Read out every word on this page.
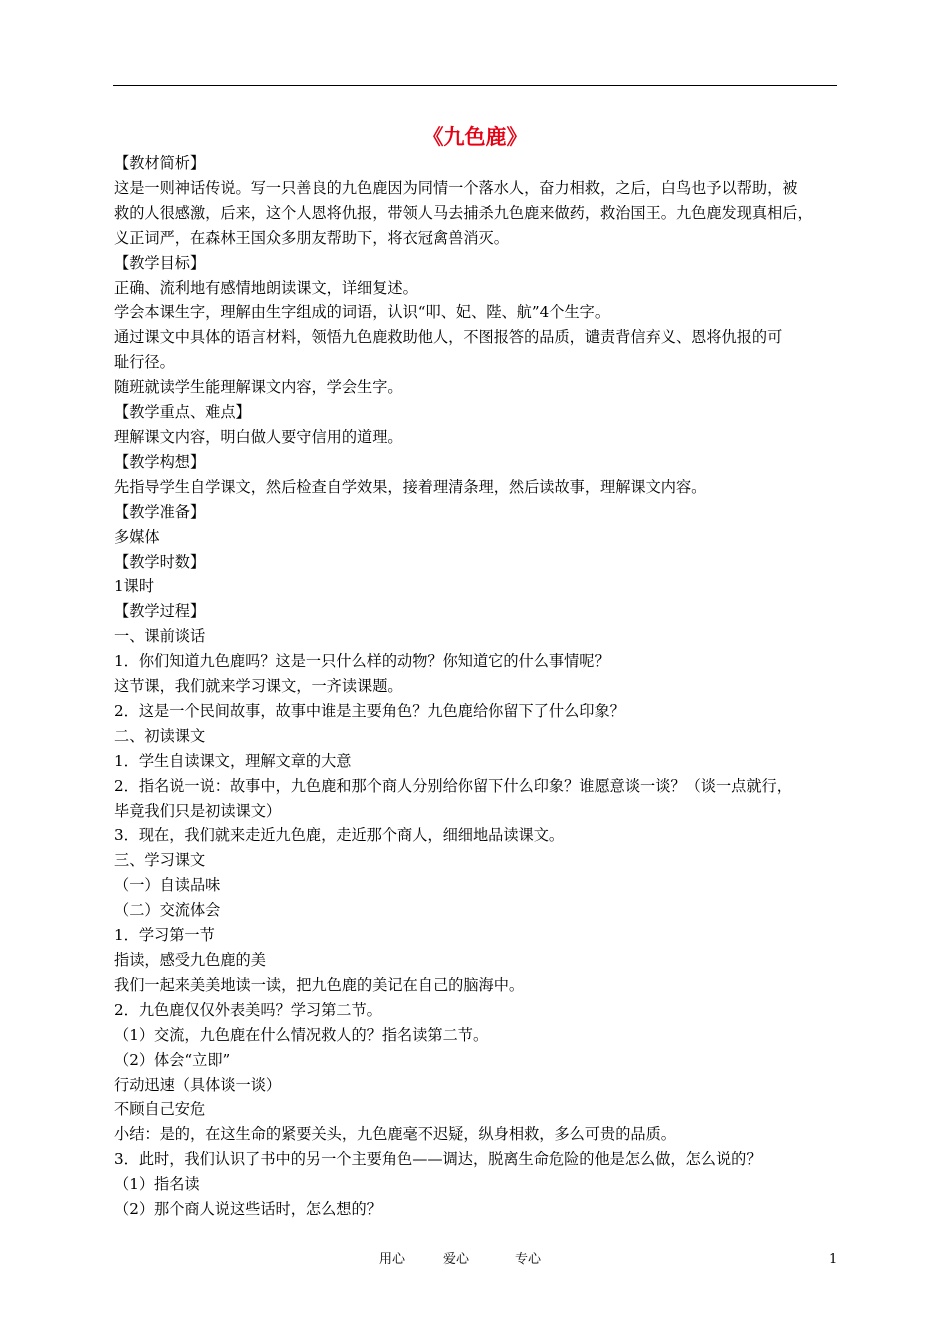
《九色鹿》

【教材简析】

这是一则神话传说。写一只善良的九色鹿因为同情一个落水人，奋力相救，之后，白鸟也予以帮助，被

救的人很感激，后来，这个人恩将仇报，带领人马去捕杀九色鹿来做药，救治国王。九色鹿发现真相后，

义正词严，在森林王国众多朋友帮助下，将衣冠禽兽消灭。

【教学目标】

正确、流利地有感情地朗读课文，详细复述。

学会本课生字，理解由生字组成的词语，认识“叩、妃、陛、航”4个生字。

通过课文中具体的语言材料，领悟九色鹿救助他人，不图报答的品质，谴责背信弃义、恩将仇报的可

耻行径。

随班就读学生能理解课文内容，学会生字。

【教学重点、难点】

理解课文内容，明白做人要守信用的道理。

【教学构想】

先指导学生自学课文，然后检查自学效果，接着理清条理，然后读故事，理解课文内容。

【教学准备】

多媒体

【教学时数】

1课时

【教学过程】

一、课前谈话

1．你们知道九色鹿吗？这是一只什么样的动物？你知道它的什么事情呢？

这节课，我们就来学习课文，一齐读课题。

2．这是一个民间故事，故事中谁是主要角色？九色鹿给你留下了什么印象？

二、初读课文

1．学生自读课文，理解文章的大意

2．指名说一说：故事中，九色鹿和那个商人分别给你留下什么印象？谁愿意谈一谈？（谈一点就行，

毕竟我们只是初读课文）

3．现在，我们就来走近九色鹿，走近那个商人，细细地品读课文。

三、学习课文

（一）自读品味

（二）交流体会

1．学习第一节

指读，感受九色鹿的美

我们一起来美美地读一读，把九色鹿的美记在自己的脑海中。

2．九色鹿仅仅外表美吗？学习第二节。

（1）交流，九色鹿在什么情况救人的？指名读第二节。

（2）体会“立即”

行动迅速（具体谈一谈）

不顾自己安危

小结：是的，在这生命的紧要关头，九色鹿毫不迟疑，纵身相救，多么可贵的品质。

3．此时，我们认识了书中的另一个主要角色——调达，脱离生命危险的他是怎么做，怎么说的？

（1）指名读

（2）那个商人说这些话时，怎么想的？

用心	爱心	专心	1
